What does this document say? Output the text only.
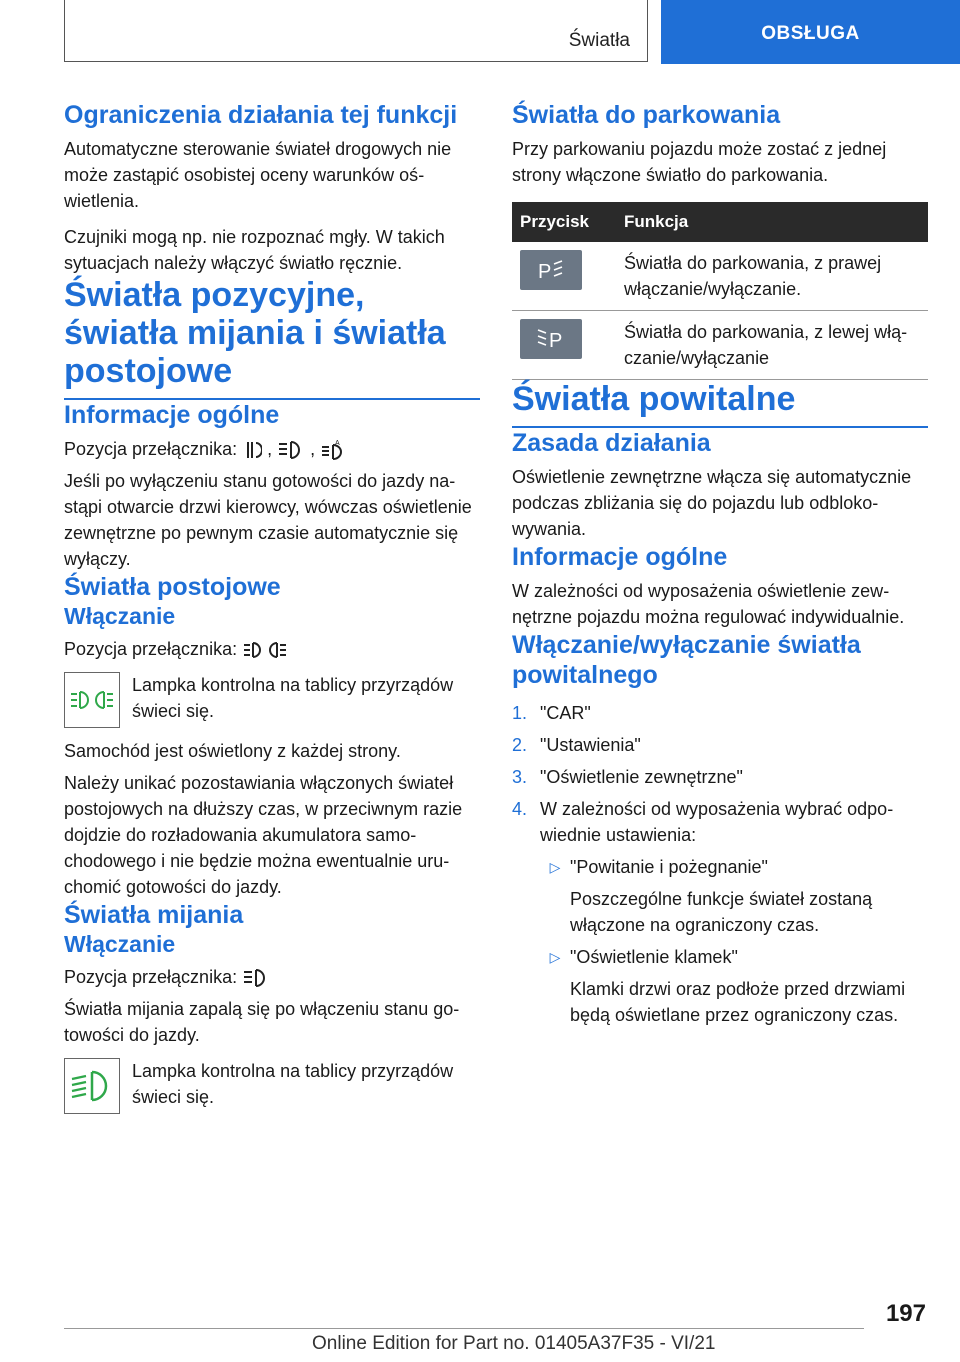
Światła	OBSŁUGA
Ograniczenia działania tej funkcji

Automatyczne sterowanie świateł drogowych nie może zastąpić osobistej oceny warunków oświetlenia.

Czujniki mogą np. nie rozpoznać mgły. W takich sytuacjach należy włączyć światło ręcznie.

Światła pozycyjne, światła mijania i światła postojowe
Informacje ogólne

Pozycja przełącznika:  ,  , A

Jeśli po wyłączeniu stanu gotowości do jazdy nastąpi otwarcie drzwi kierowcy, wówczas oświetlenie zewnętrzne po pewnym czasie automatycznie się wyłączy.

Światła postojowe
Włączanie

Pozycja przełącznika:

Lampka kontrolna na tablicy przyrządów świeci się.

Samochód jest oświetlony z każdej strony.

Należy unikać pozostawiania włączonych świateł postojowych na dłuższy czas, w przeciwnym razie dojdzie do rozładowania akumulatora samochodowego i nie będzie można ewentualnie uruchomić gotowości do jazdy.

Światła mijania
Włączanie

Pozycja przełącznika:

Światła mijania zapalą się po włączeniu stanu gotowości do jazdy.

Lampka kontrolna na tablicy przyrządów świeci się.

Światła do parkowania

Przy parkowaniu pojazdu może zostać z jednej strony włączone światło do parkowania.

Przycisk	Funkcja

P	Światła do parkowania, z prawej włączanie/wyłączanie.

P	Światła do parkowania, z lewej włączanie/wyłączanie
Światła powitalne
Zasada działania

Oświetlenie zewnętrzne włącza się automatycznie podczas zbliżania się do pojazdu lub odblokowywania.

Informacje ogólne

W zależności od wyposażenia oświetlenie zewnętrzne pojazdu można regulować indywidualnie.

Włączanie/wyłączanie światła powitalnego
1. "CAR"
2. "Ustawienia"
3. "Oświetlenie zewnętrzne"
4. W zależności od wyposażenia wybrać odpowiednie ustawienia:
▷ "Powitanie i pożegnanie"
Poszczególne funkcje świateł zostaną włączone na ograniczony czas.
▷ "Oświetlenie klamek"
Klamki drzwi oraz podłoże przed drzwiami będą oświetlane przez ograniczony czas.
197
Online Edition for Part no. 01405A37F35 - VI/21
